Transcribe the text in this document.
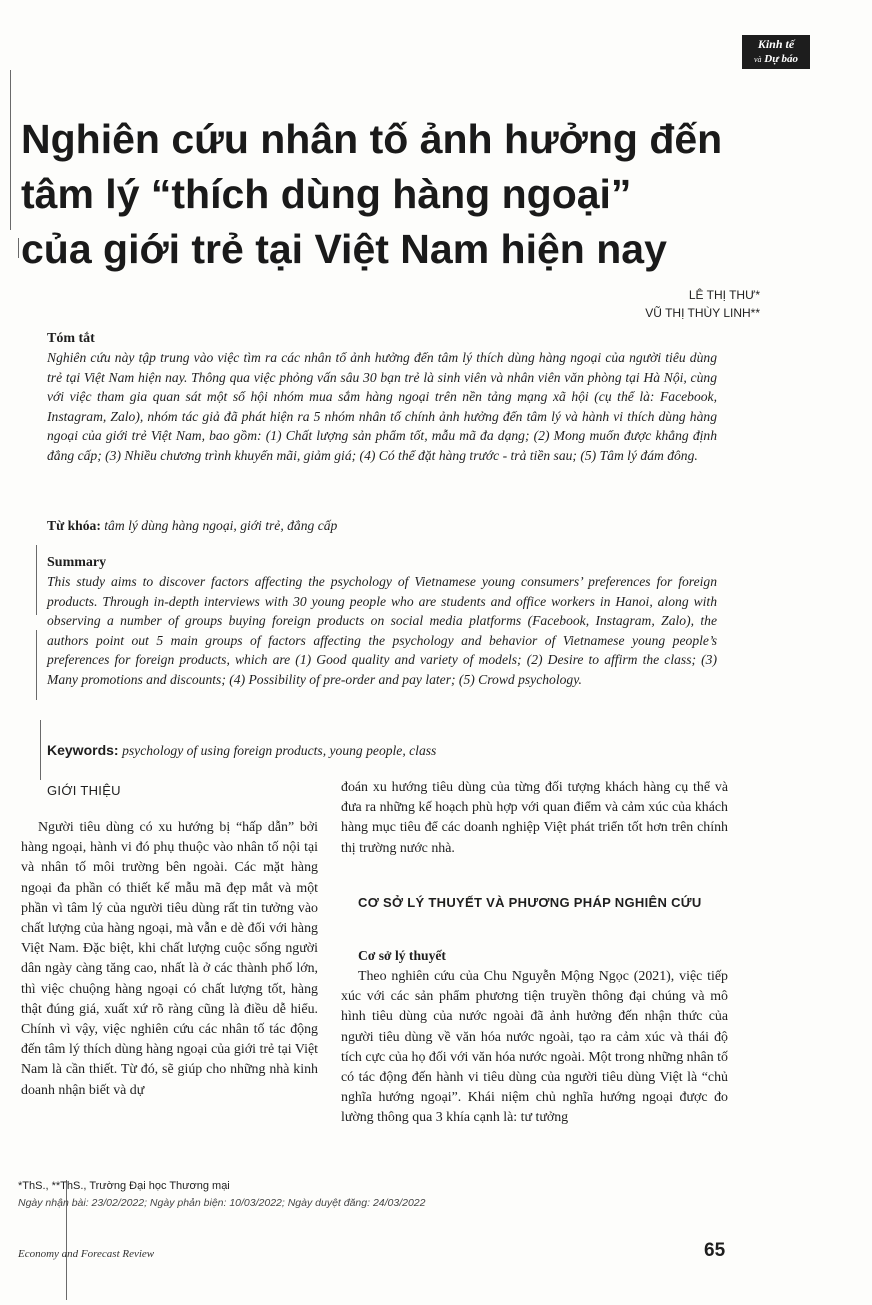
Kinh tế
và Dự báo
Nghiên cứu nhân tố ảnh hưởng đến
tâm lý “thích dùng hàng ngoại”
của giới trẻ tại Việt Nam hiện nay
LÊ THỊ THƯ*
VŨ THỊ THÙY LINH**
Tóm tắt
Nghiên cứu này tập trung vào việc tìm ra các nhân tố ảnh hưởng đến tâm lý thích dùng hàng ngoại của người tiêu dùng trẻ tại Việt Nam hiện nay. Thông qua việc phỏng vấn sâu 30 bạn trẻ là sinh viên và nhân viên văn phòng tại Hà Nội, cùng với việc tham gia quan sát một số hội nhóm mua sắm hàng ngoại trên nền tảng mạng xã hội (cụ thể là: Facebook, Instagram, Zalo), nhóm tác giả đã phát hiện ra 5 nhóm nhân tố chính ảnh hưởng đến tâm lý và hành vi thích dùng hàng ngoại của giới trẻ Việt Nam, bao gồm: (1) Chất lượng sản phẩm tốt, mẫu mã đa dạng; (2) Mong muốn được khẳng định đẳng cấp; (3) Nhiều chương trình khuyến mãi, giảm giá; (4) Có thể đặt hàng trước - trả tiền sau; (5) Tâm lý đám đông.
Từ khóa: tâm lý dùng hàng ngoại, giới trẻ, đẳng cấp
Summary
This study aims to discover factors affecting the psychology of Vietnamese young consumers’ preferences for foreign products. Through in-depth interviews with 30 young people who are students and office workers in Hanoi, along with observing a number of groups buying foreign products on social media platforms (Facebook, Instagram, Zalo), the authors point out 5 main groups of factors affecting the psychology and behavior of Vietnamese young people’s preferences for foreign products, which are (1) Good quality and variety of models; (2) Desire to affirm the class; (3) Many promotions and discounts; (4) Possibility of pre-order and pay later; (5) Crowd psychology.
Keywords: psychology of using foreign products, young people, class
GIỚI THIỆU

Người tiêu dùng có xu hướng bị “hấp dẫn” bởi hàng ngoại, hành vi đó phụ thuộc vào nhân tố nội tại và nhân tố môi trường bên ngoài. Các mặt hàng ngoại đa phần có thiết kế mẫu mã đẹp mắt và một phần vì tâm lý của người tiêu dùng rất tin tưởng vào chất lượng của hàng ngoại, mà vẫn e dè đối với hàng Việt Nam. Đặc biệt, khi chất lượng cuộc sống người dân ngày càng tăng cao, nhất là ở các thành phố lớn, thì việc chuộng hàng ngoại có chất lượng tốt, hàng thật đúng giá, xuất xứ rõ ràng cũng là điều dễ hiểu. Chính vì vậy, việc nghiên cứu các nhân tố tác động đến tâm lý thích dùng hàng ngoại của giới trẻ tại Việt Nam là cần thiết. Từ đó, sẽ giúp cho những nhà kinh doanh nhận biết và dự

đoán xu hướng tiêu dùng của từng đối tượng khách hàng cụ thể và đưa ra những kế hoạch phù hợp với quan điểm và cảm xúc của khách hàng mục tiêu để các doanh nghiệp Việt phát triển tốt hơn trên chính thị trường nước nhà.

CƠ SỞ LÝ THUYẾT VÀ PHƯƠNG PHÁP NGHIÊN CỨU
Cơ sở lý thuyết

Theo nghiên cứu của Chu Nguyễn Mộng Ngọc (2021), việc tiếp xúc với các sản phẩm phương tiện truyền thông đại chúng và mô hình tiêu dùng của nước ngoài đã ảnh hưởng đến nhận thức của người tiêu dùng về văn hóa nước ngoài, tạo ra cảm xúc và thái độ tích cực của họ đối với văn hóa nước ngoài. Một trong những nhân tố có tác động đến hành vi tiêu dùng của người tiêu dùng Việt là “chủ nghĩa hướng ngoại”. Khái niệm chủ nghĩa hướng ngoại được đo lường thông qua 3 khía cạnh là: tư tưởng

*ThS., **ThS., Trường Đại học Thương mại
Ngày nhận bài: 23/02/2022; Ngày phản biện: 10/03/2022; Ngày duyệt đăng: 24/03/2022
Economy and Forecast Review	65
